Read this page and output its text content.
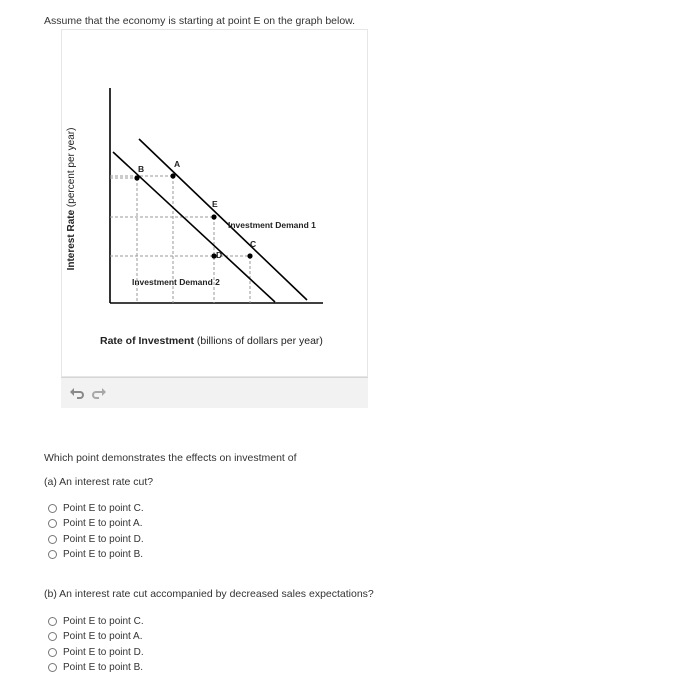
Assume that the economy is starting at point E on the graph below.
Interest Rate (percent per year)	B	A
E
D
C
Investment Demand 1
Investment Demand 2
Rate of Investment (billions of dollars per year)
Which point demonstrates the effects on investment of
(a) An interest rate cut?
Point E to point C.
Point E to point A.
Point E to point D.
Point E to point B.
(b) An interest rate cut accompanied by decreased sales expectations?
Point E to point C.
Point E to point A.
Point E to point D.
Point E to point B.
